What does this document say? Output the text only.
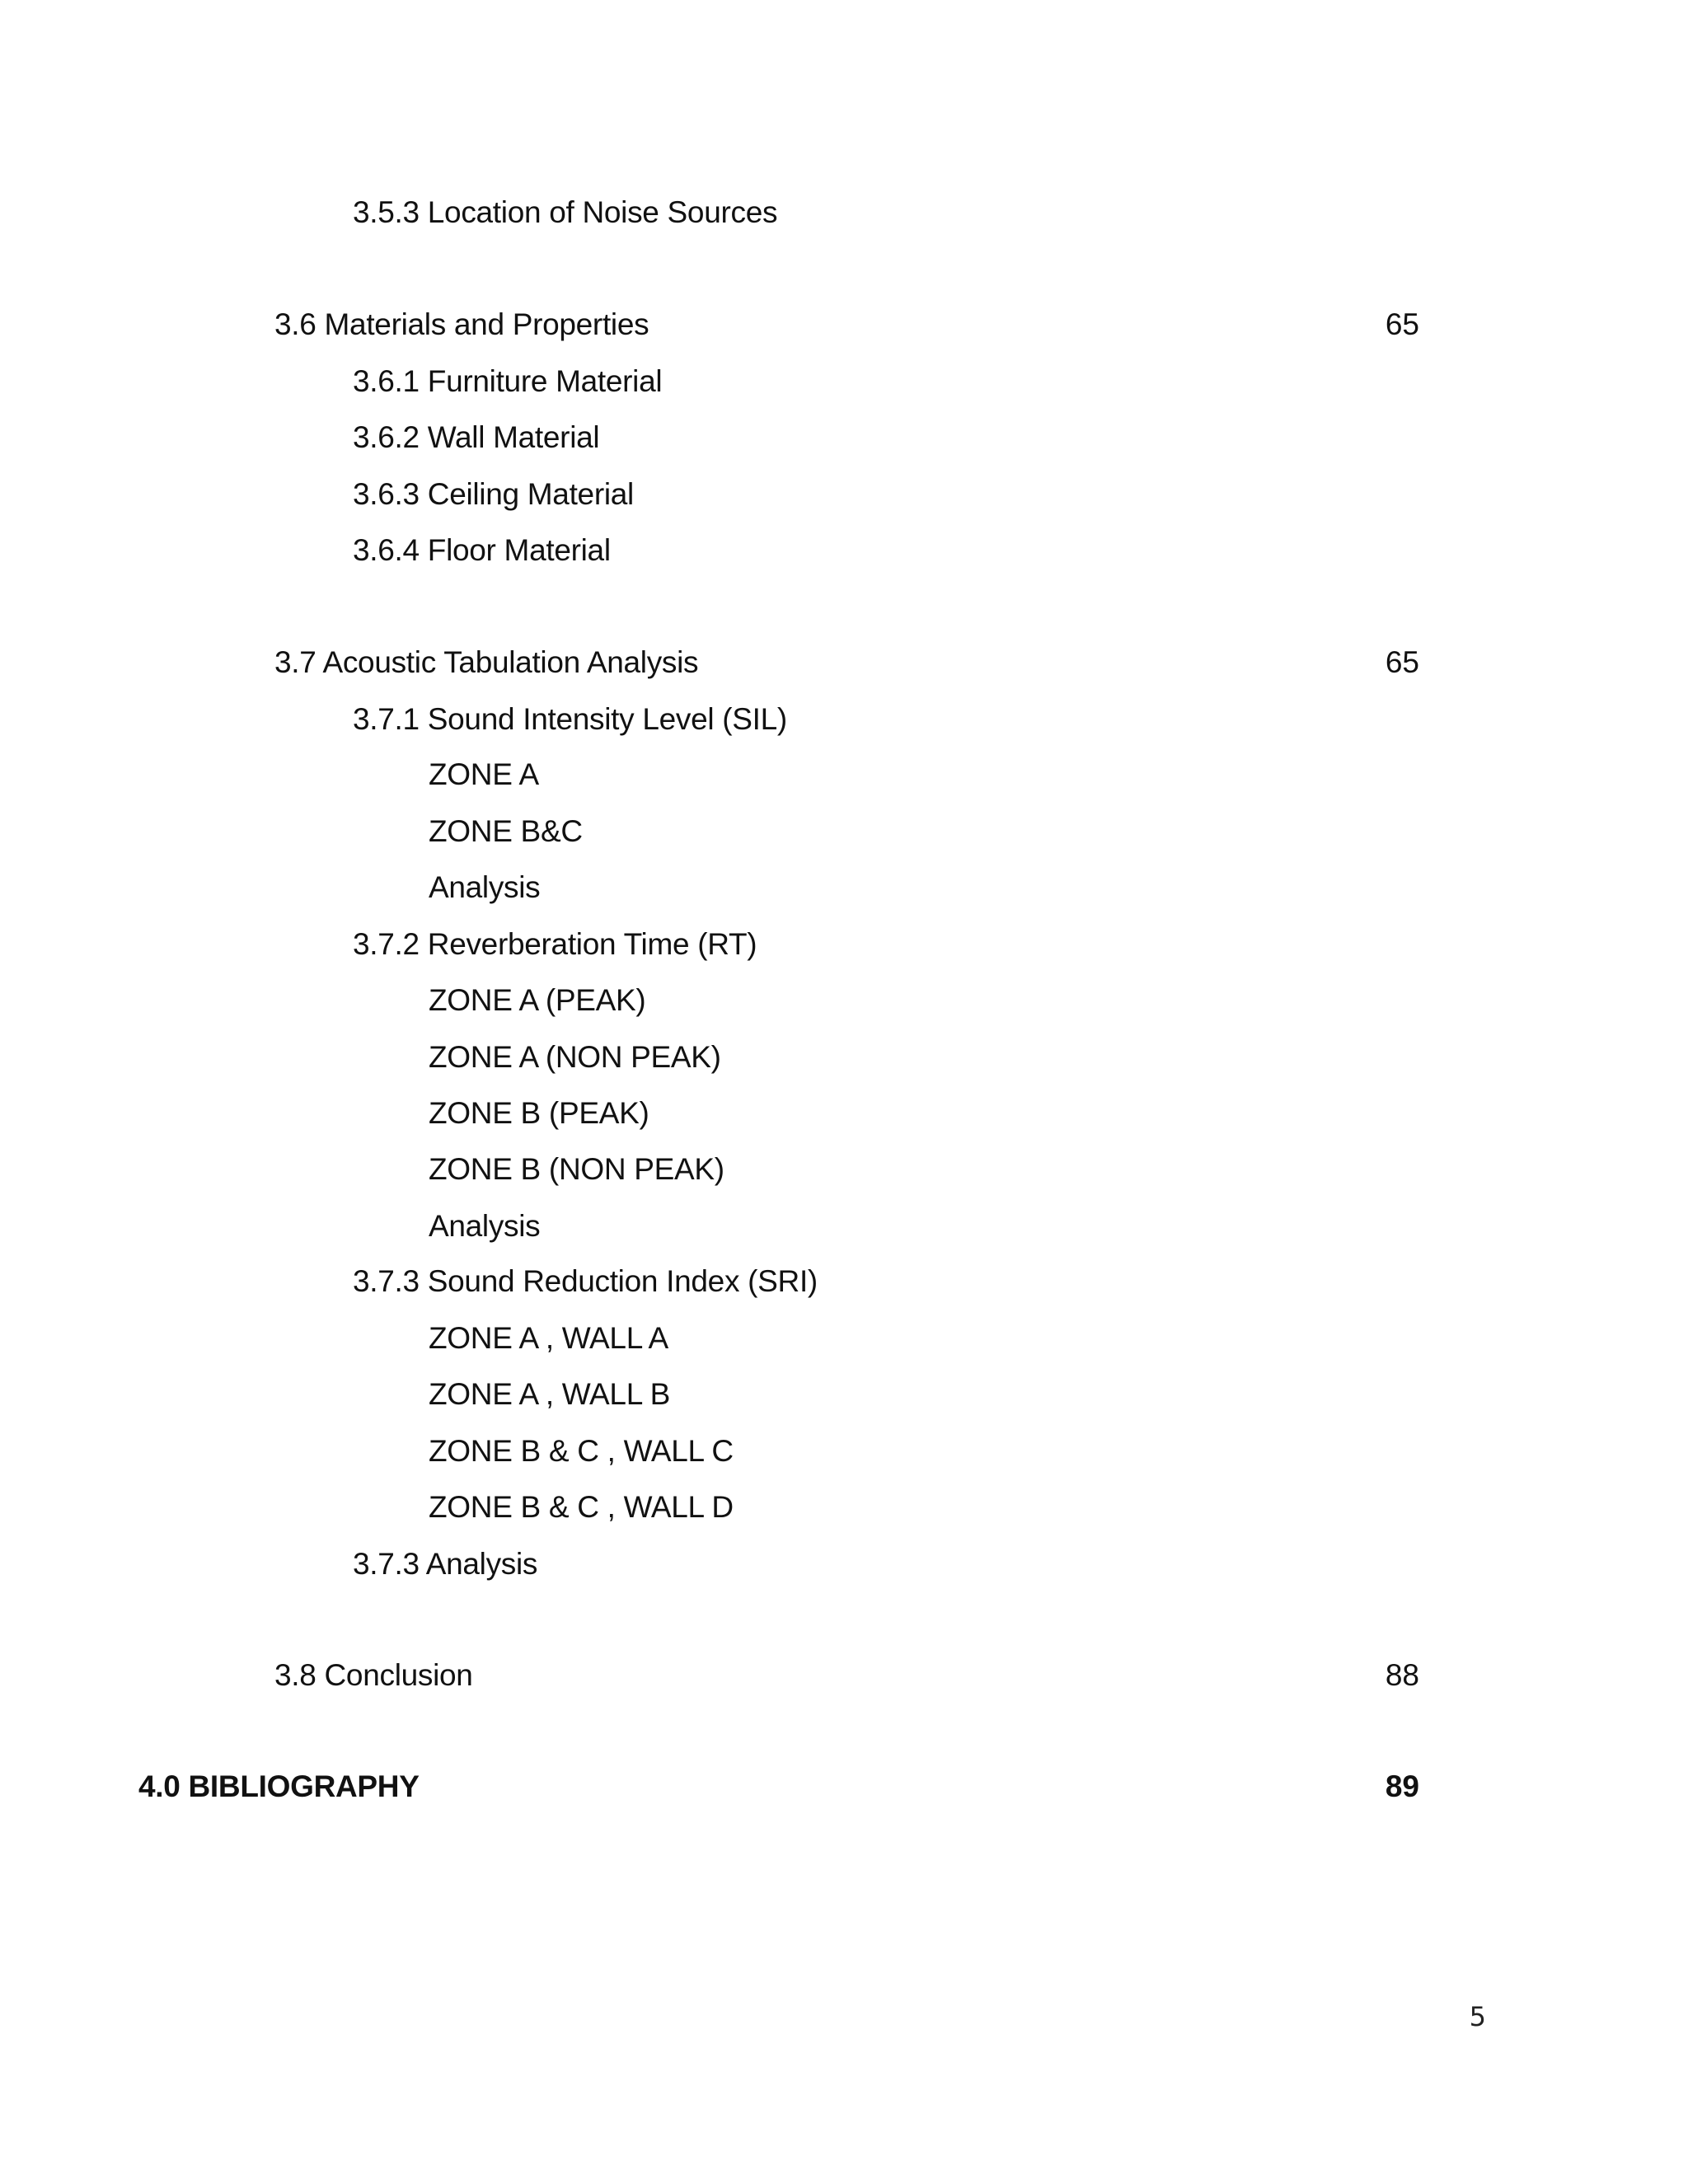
3.5.3 Location of Noise Sources
3.6 Materials and Properties	65
3.6.1 Furniture Material
3.6.2 Wall Material
3.6.3 Ceiling Material
3.6.4 Floor Material
3.7 Acoustic Tabulation Analysis	65
3.7.1 Sound Intensity Level (SIL)
ZONE A
ZONE B&C
Analysis
3.7.2 Reverberation Time (RT)
ZONE A (PEAK)
ZONE A (NON PEAK)
ZONE B (PEAK)
ZONE B (NON PEAK)
Analysis
3.7.3 Sound Reduction Index (SRI)
ZONE A , WALL A
ZONE A , WALL B
ZONE B & C , WALL C
ZONE B & C , WALL D
3.7.3 Analysis
3.8 Conclusion	88
4.0 BIBLIOGRAPHY	89
5
